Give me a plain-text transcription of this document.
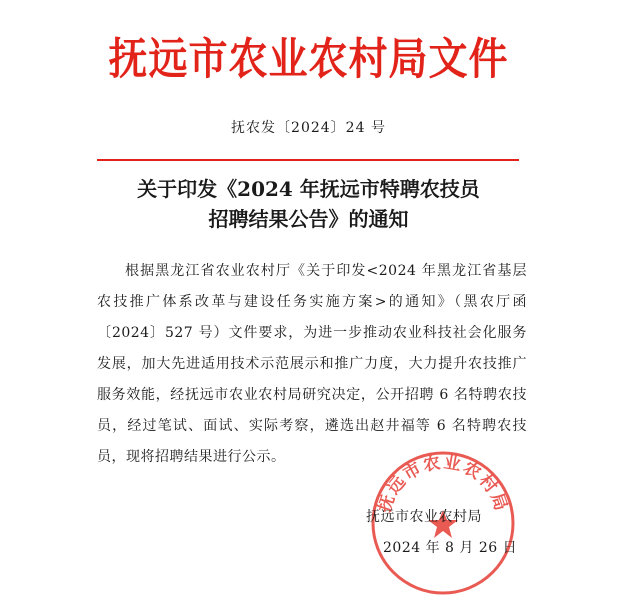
抚远市农业农村局文件
抚农发〔2024〕24 号
关于印发《2024 年抚远市特聘农技员
招聘结果公告》的通知
根据黑龙江省农业农村厅《关于印发<2024 年黑龙江省基层农技推广体系改革与建设任务实施方案>的通知》（黑农厅函〔2024〕527 号）文件要求，为进一步推动农业科技社会化服务发展，加大先进适用技术示范展示和推广力度，大力提升农技推广服务效能，经抚远市农业农村局研究决定，公开招聘 6 名特聘农技员，经过笔试、面试、实际考察，遴选出赵井福等 6 名特聘农技员，现将招聘结果进行公示。
抚远市农业农村局
抚远市农业农村局
2024 年 8 月 26 日
